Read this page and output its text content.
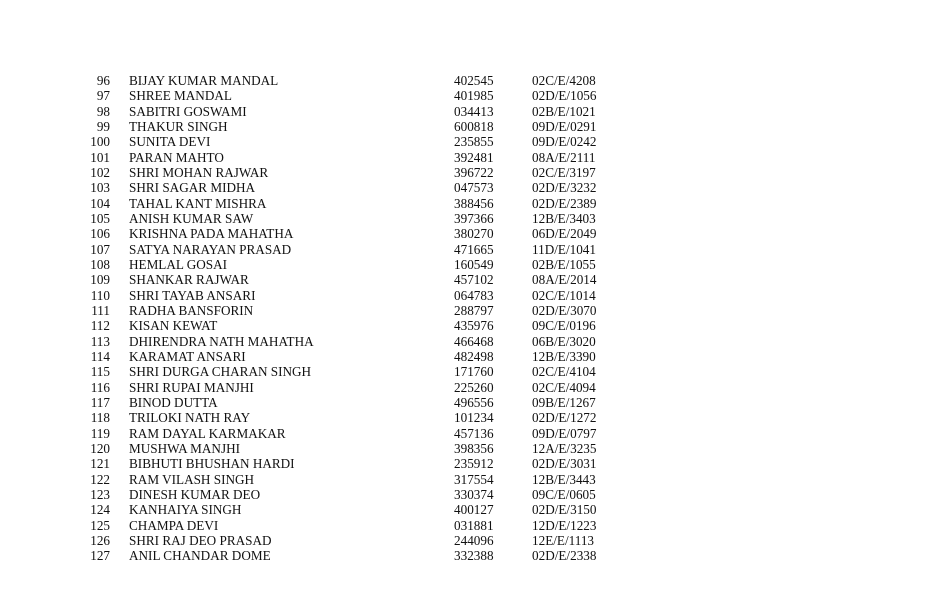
96 BIJAY KUMAR MANDAL	402545	02C/E/4208
97 SHREE MANDAL	401985	02D/E/1056
98 SABITRI GOSWAMI	034413	02B/E/1021
99 THAKUR SINGH	600818	09D/E/0291
100 SUNITA DEVI	235855	09D/E/0242
101 PARAN MAHTO	392481	08A/E/2111
102 SHRI MOHAN RAJWAR	396722	02C/E/3197
103 SHRI SAGAR MIDHA	047573	02D/E/3232
104 TAHAL KANT MISHRA	388456	02D/E/2389
105 ANISH KUMAR SAW	397366	12B/E/3403
106 KRISHNA PADA MAHATHA	380270	06D/E/2049
107 SATYA NARAYAN PRASAD	471665	11D/E/1041
108 HEMLAL GOSAI	160549	02B/E/1055
109 SHANKAR RAJWAR	457102	08A/E/2014
110 SHRI TAYAB ANSARI	064783	02C/E/1014
111 RADHA BANSFORIN	288797	02D/E/3070
112 KISAN KEWAT	435976	09C/E/0196
113 DHIRENDRA NATH MAHATHA	466468	06B/E/3020
114 KARAMAT ANSARI	482498	12B/E/3390
115 SHRI DURGA CHARAN SINGH	171760	02C/E/4104
116 SHRI RUPAI MANJHI	225260	02C/E/4094
117 BINOD DUTTA	496556	09B/E/1267
118 TRILOKI NATH RAY	101234	02D/E/1272
119 RAM DAYAL KARMAKAR	457136	09D/E/0797
120 MUSHWA MANJHI	398356	12A/E/3235
121 BIBHUTI BHUSHAN HARDI	235912	02D/E/3031
122 RAM VILASH SINGH	317554	12B/E/3443
123 DINESH KUMAR DEO	330374	09C/E/0605
124 KANHAIYA SINGH	400127	02D/E/3150
125 CHAMPA DEVI	031881	12D/E/1223
126 SHRI RAJ DEO PRASAD	244096	12E/E/1113
127 ANIL CHANDAR DOME	332388	02D/E/2338
